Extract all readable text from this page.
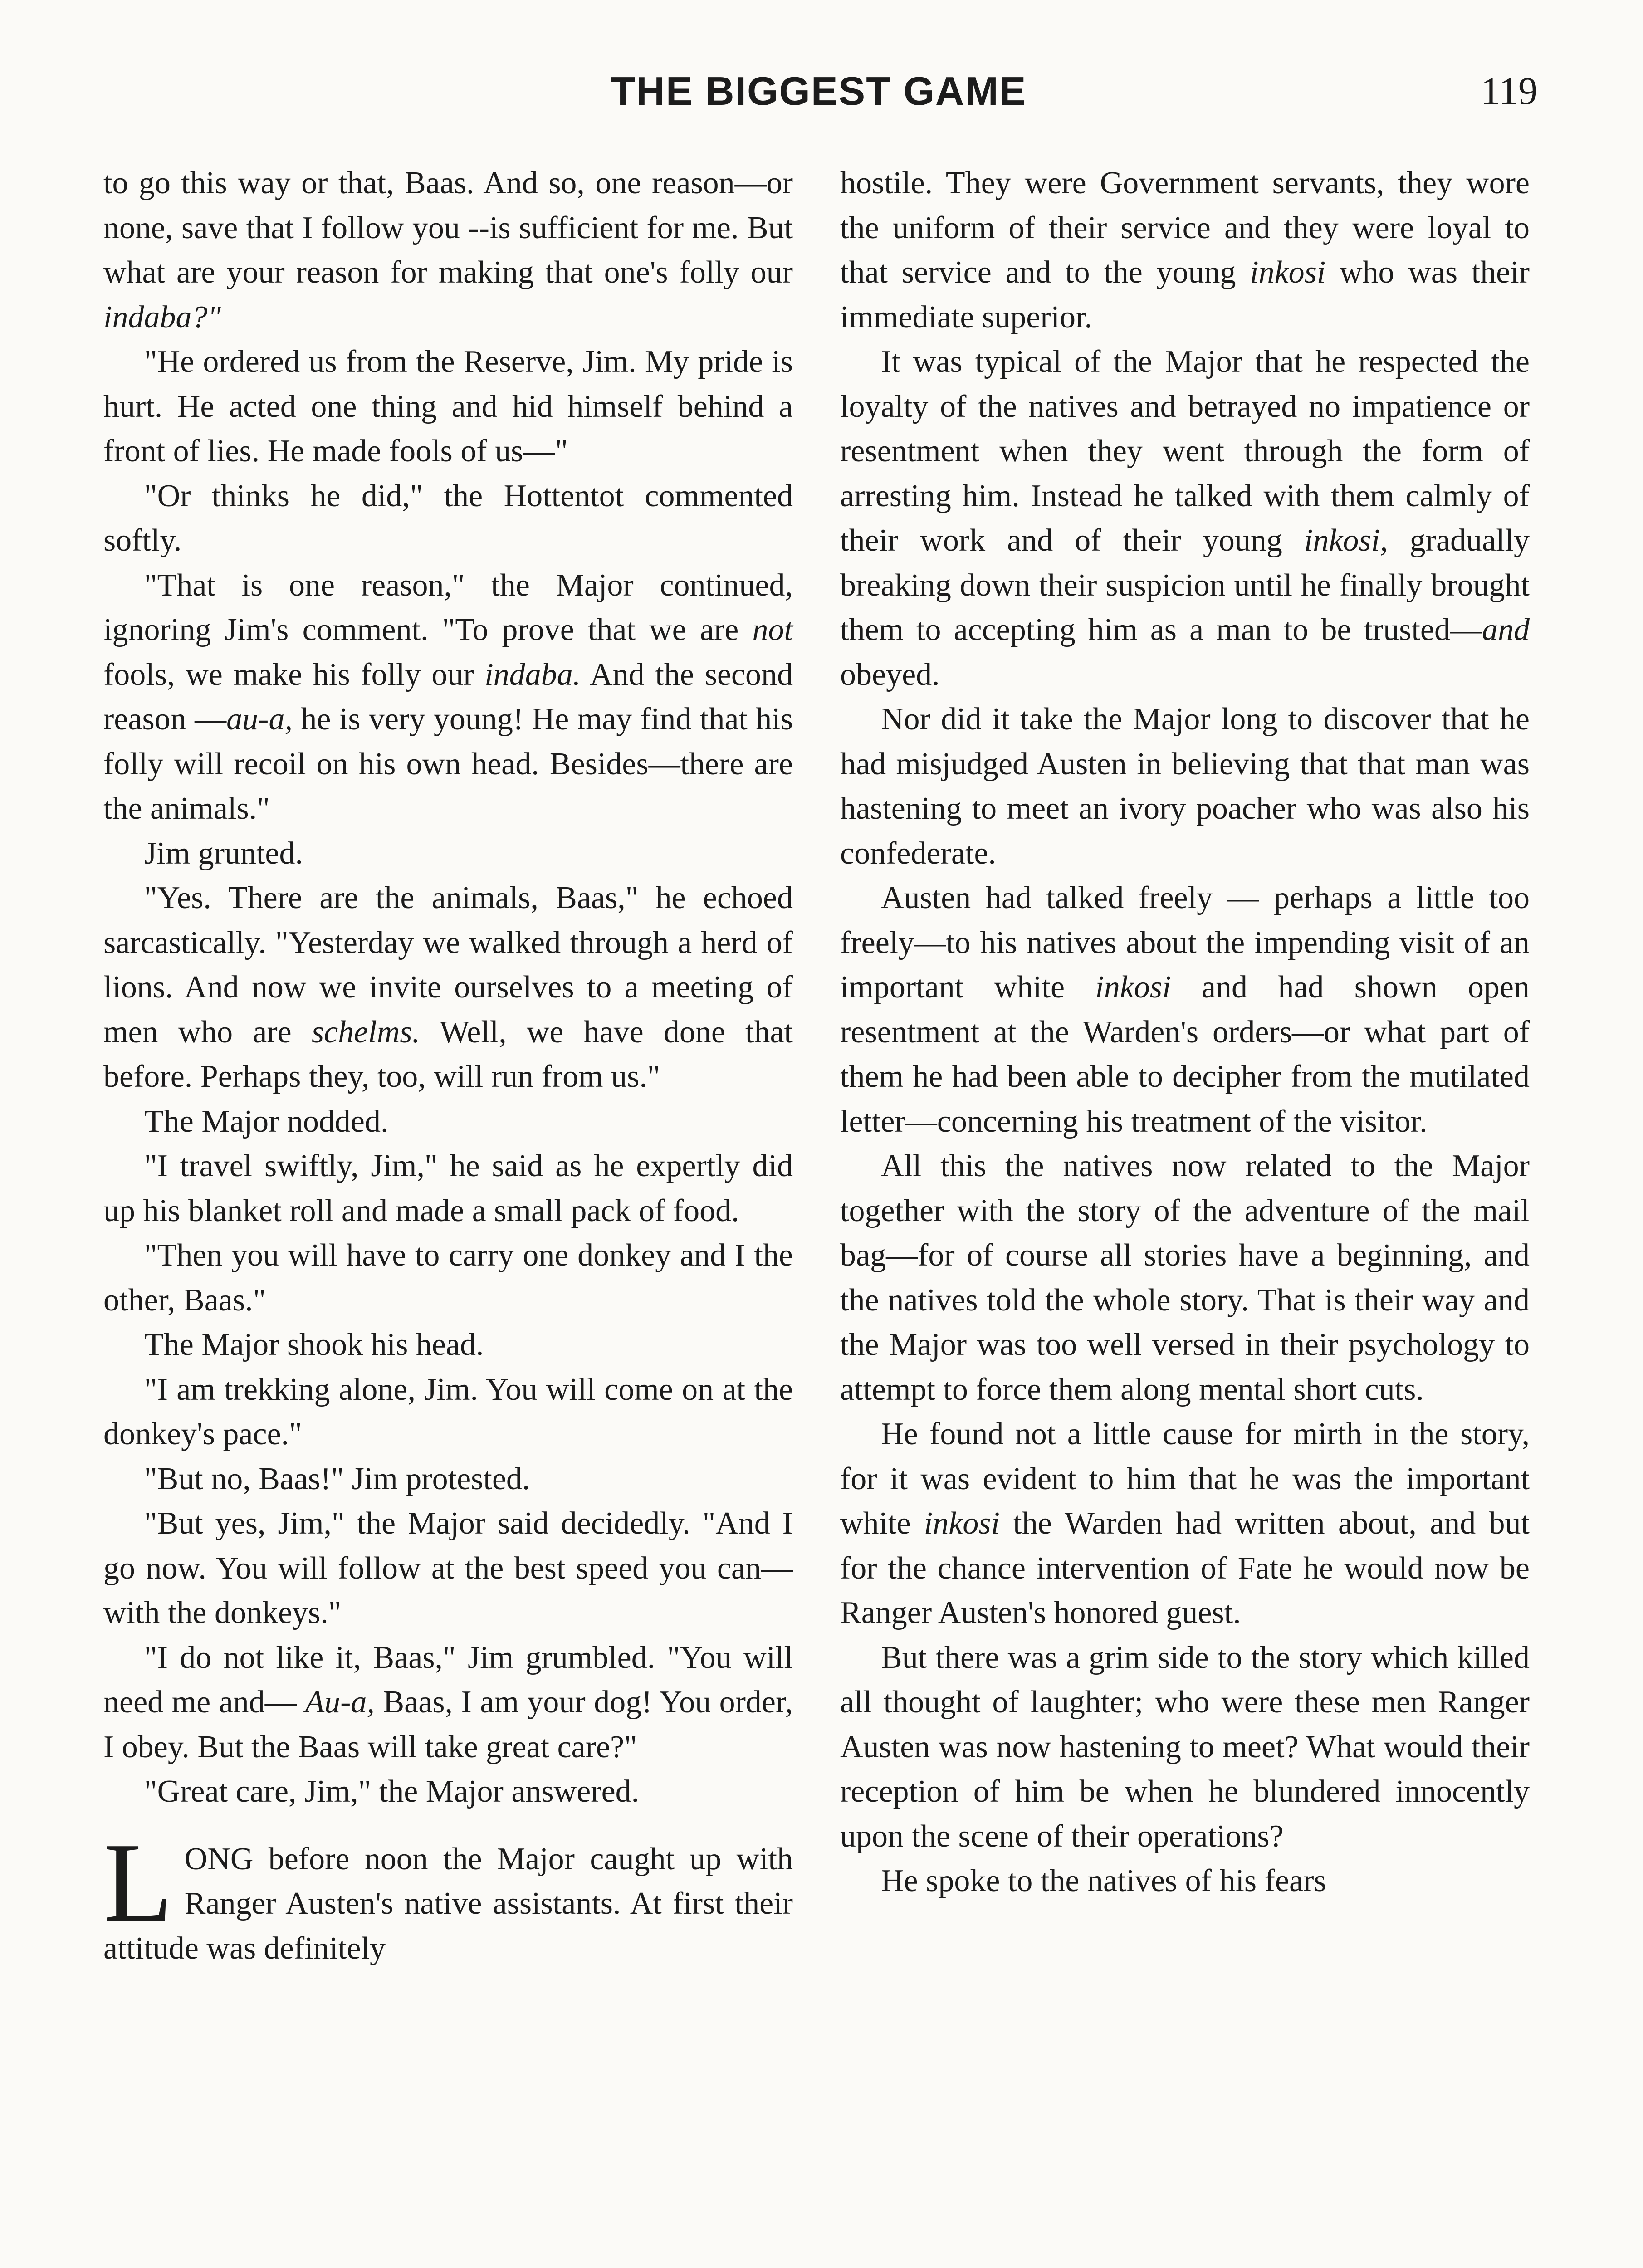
THE BIGGEST GAME	119

to go this way or that, Baas. And so, one reason—or none, save that I follow you --is sufficient for me. But what are your reason for making that one's folly our indaba?"

"He ordered us from the Reserve, Jim. My pride is hurt. He acted one thing and hid himself behind a front of lies. He made fools of us—"

"Or thinks he did," the Hottentot commented softly.

"That is one reason," the Major continued, ignoring Jim's comment. "To prove that we are not fools, we make his folly our indaba. And the second reason —au-a, he is very young! He may find that his folly will recoil on his own head. Besides—there are the animals."

Jim grunted.

"Yes. There are the animals, Baas," he echoed sarcastically. "Yesterday we walked through a herd of lions. And now we invite ourselves to a meeting of men who are schelms. Well, we have done that before. Perhaps they, too, will run from us."

The Major nodded.

"I travel swiftly, Jim," he said as he expertly did up his blanket roll and made a small pack of food.

"Then you will have to carry one donkey and I the other, Baas."

The Major shook his head.

"I am trekking alone, Jim. You will come on at the donkey's pace."

"But no, Baas!" Jim protested.

"But yes, Jim," the Major said decidedly. "And I go now. You will follow at the best speed you can—with the donkeys."

"I do not like it, Baas," Jim grumbled. "You will need me and— Au-a, Baas, I am your dog! You order, I obey. But the Baas will take great care?"

"Great care, Jim," the Major answered.

LONG before noon the Major caught up with Ranger Austen's native assistants. At first their attitude was definitely

hostile. They were Government servants, they wore the uniform of their service and they were loyal to that service and to the young inkosi who was their immediate superior.

It was typical of the Major that he respected the loyalty of the natives and betrayed no impatience or resentment when they went through the form of arresting him. Instead he talked with them calmly of their work and of their young inkosi, gradually breaking down their suspicion until he finally brought them to accepting him as a man to be trusted—and obeyed.

Nor did it take the Major long to discover that he had misjudged Austen in believing that that man was hastening to meet an ivory poacher who was also his confederate.

Austen had talked freely — perhaps a little too freely—to his natives about the impending visit of an important white inkosi and had shown open resentment at the Warden's orders—or what part of them he had been able to decipher from the mutilated letter—concerning his treatment of the visitor.

All this the natives now related to the Major together with the story of the adventure of the mail bag—for of course all stories have a beginning, and the natives told the whole story. That is their way and the Major was too well versed in their psychology to attempt to force them along mental short cuts.

He found not a little cause for mirth in the story, for it was evident to him that he was the important white inkosi the Warden had written about, and but for the chance intervention of Fate he would now be Ranger Austen's honored guest.

But there was a grim side to the story which killed all thought of laughter; who were these men Ranger Austen was now hastening to meet? What would their reception of him be when he blundered innocently upon the scene of their operations?

He spoke to the natives of his fears
